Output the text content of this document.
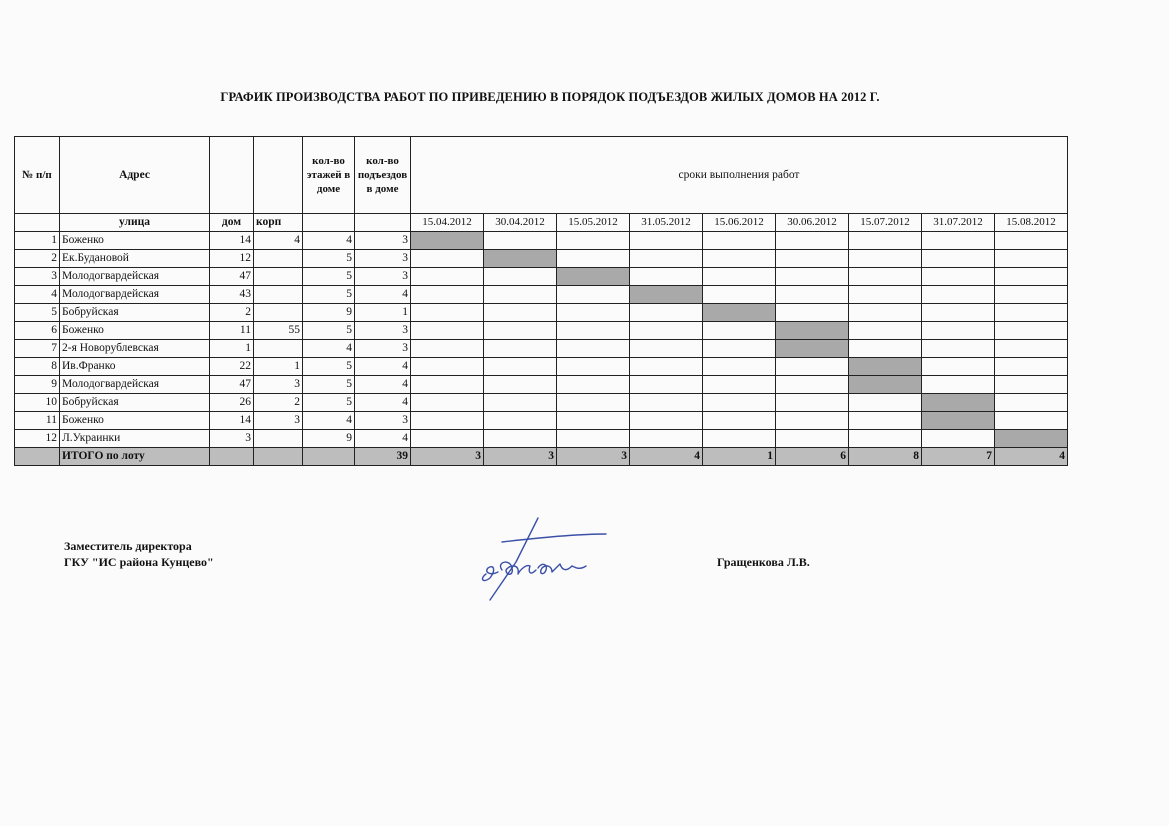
ГРАФИК ПРОИЗВОДСТВА РАБОТ ПО ПРИВЕДЕНИЮ В ПОРЯДОК ПОДЪЕЗДОВ ЖИЛЫХ ДОМОВ НА 2012 Г.
№ п/п	Адрес			кол-во этажей в доме	кол-во подъездов в доме	сроки выполнения работ								
	улица	дом	корп			15.04.2012	30.04.2012	15.05.2012	31.05.2012	15.06.2012	30.06.2012	15.07.2012	31.07.2012	15.08.2012
1	Боженко	14	4	4	3									
2	Ек.Будановой	12		5	3									
3	Молодогвардейская	47		5	3									
4	Молодогвардейская	43		5	4									
5	Бобруйская	2		9	1									
6	Боженко	11	55	5	3									
7	2-я Новорублевская	1		4	3									
8	Ив.Франко	22	1	5	4									
9	Молодогвардейская	47	3	5	4									
10	Бобруйская	26	2	5	4									
11	Боженко	14	3	4	3									
12	Л.Украинки	3		9	4									
	ИТОГО по лоту				39	3	3	3	4	1	6	8	7	4
Заместитель директора
ГКУ "ИС района Кунцево"	Гращенкова Л.В.
